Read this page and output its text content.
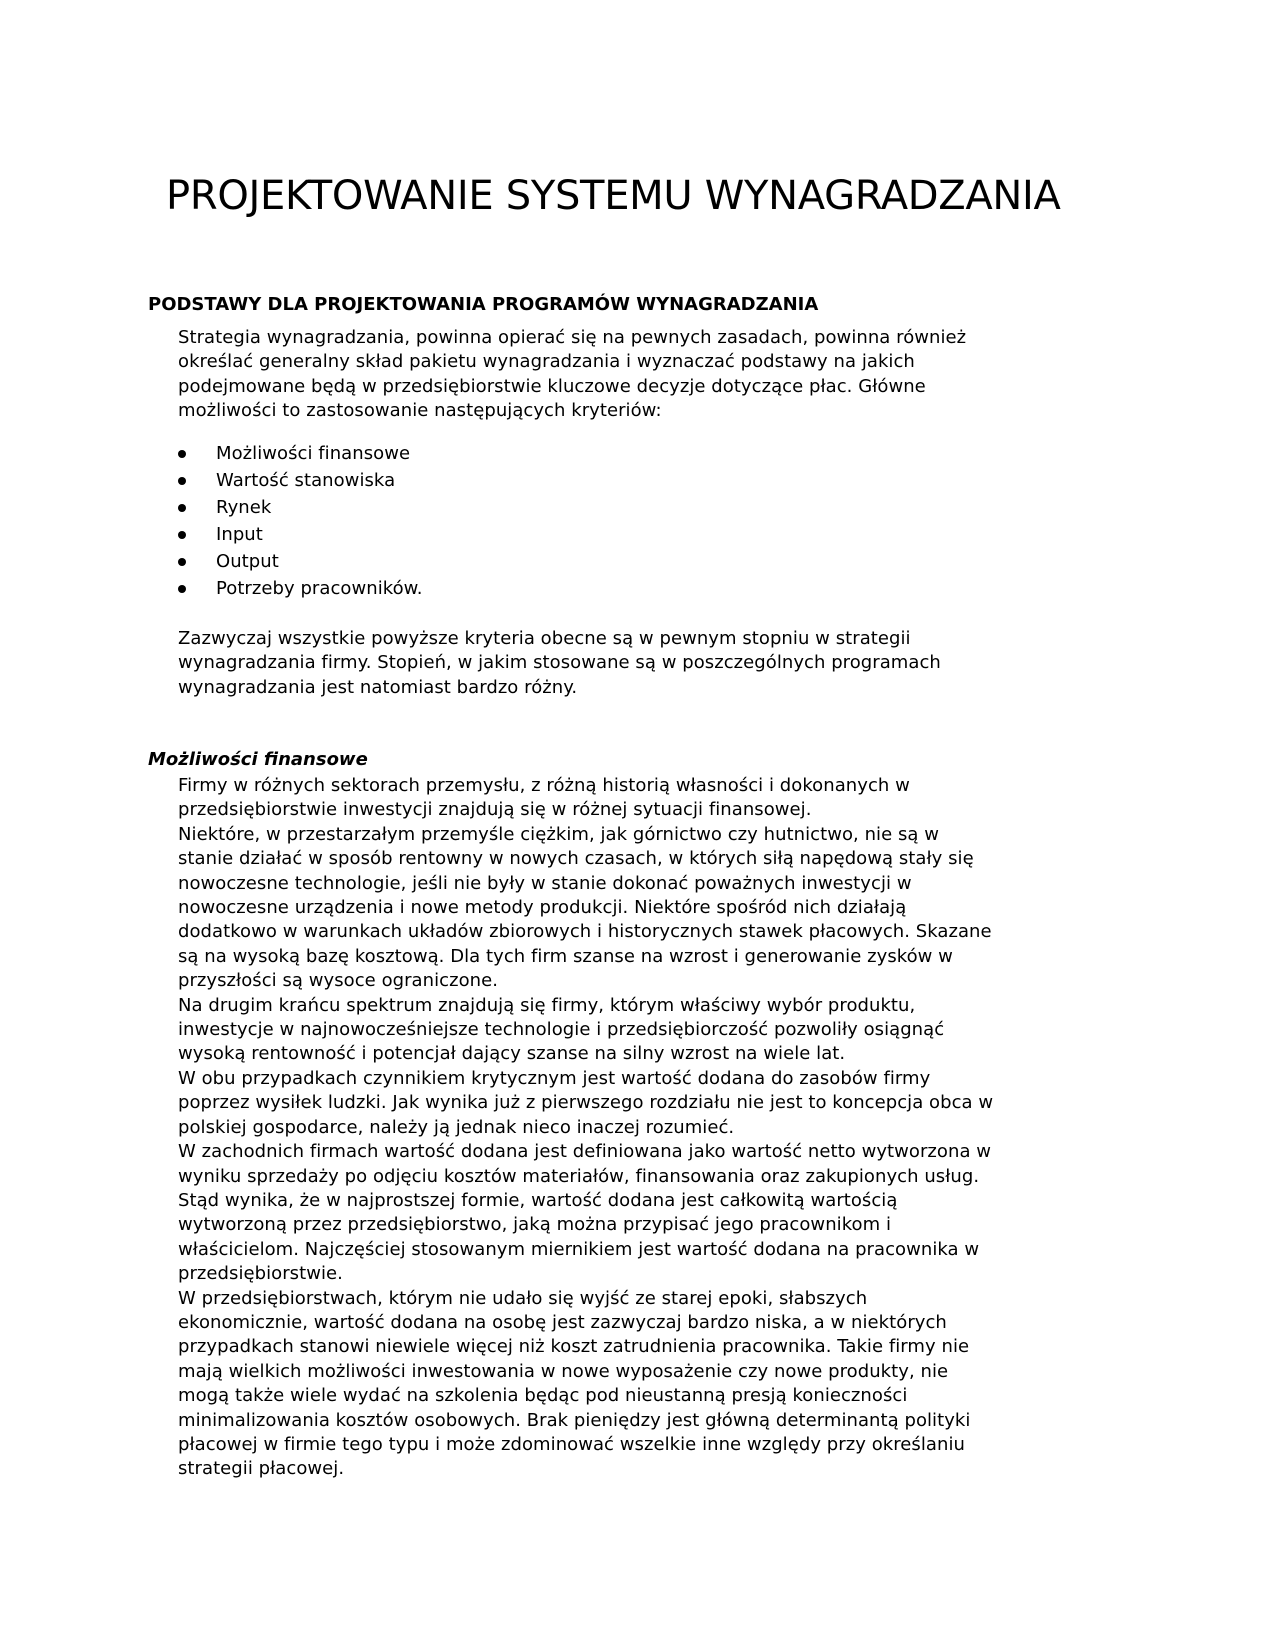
PROJEKTOWANIE SYSTEMU WYNAGRADZANIA
PODSTAWY DLA PROJEKTOWANIA PROGRAMÓW WYNAGRADZANIA
Strategia wynagradzania, powinna opierać się na pewnych zasadach, powinna również
określać generalny skład pakietu wynagradzania i wyznaczać podstawy na jakich
podejmowane będą w przedsiębiorstwie kluczowe decyzje dotyczące płac. Główne
możliwości to zastosowanie następujących kryteriów:
Możliwości finansowe
Wartość stanowiska
Rynek
Input
Output
Potrzeby pracowników.
Zazwyczaj wszystkie powyższe kryteria obecne są w pewnym stopniu w strategii
wynagradzania firmy. Stopień, w jakim stosowane są w poszczególnych programach
wynagradzania jest natomiast bardzo różny.
Możliwości finansowe
Firmy w różnych sektorach przemysłu, z różną historią własności i dokonanych w
przedsiębiorstwie inwestycji znajdują się w różnej sytuacji finansowej.
Niektóre, w przestarzałym przemyśle ciężkim, jak górnictwo czy hutnictwo, nie są w
stanie działać w sposób rentowny w nowych czasach, w których siłą napędową stały się
nowoczesne technologie, jeśli nie były w stanie dokonać poważnych inwestycji w
nowoczesne urządzenia i nowe metody produkcji. Niektóre spośród nich działają
dodatkowo w warunkach układów zbiorowych i historycznych stawek płacowych. Skazane
są na wysoką bazę kosztową. Dla tych firm szanse na wzrost i generowanie zysków w
przyszłości są wysoce ograniczone.
Na drugim krańcu spektrum znajdują się firmy, którym właściwy wybór produktu,
inwestycje w najnowocześniejsze technologie i przedsiębiorczość pozwoliły osiągnąć
wysoką rentowność i potencjał dający szanse na silny wzrost na wiele lat.
W obu przypadkach czynnikiem krytycznym jest wartość dodana do zasobów firmy
poprzez wysiłek ludzki. Jak wynika już z pierwszego rozdziału nie jest to koncepcja obca w
polskiej gospodarce, należy ją jednak nieco inaczej rozumieć.
W zachodnich firmach wartość dodana jest definiowana jako wartość netto wytworzona w
wyniku sprzedaży po odjęciu kosztów materiałów, finansowania oraz zakupionych usług.
Stąd wynika, że w najprostszej formie, wartość dodana jest całkowitą wartością
wytworzoną przez przedsiębiorstwo, jaką można przypisać jego pracownikom i
właścicielom. Najczęściej stosowanym miernikiem jest wartość dodana na pracownika w
przedsiębiorstwie.
W przedsiębiorstwach, którym nie udało się wyjść ze starej epoki, słabszych
ekonomicznie, wartość dodana na osobę jest zazwyczaj bardzo niska, a w niektórych
przypadkach stanowi niewiele więcej niż koszt zatrudnienia pracownika. Takie firmy nie
mają wielkich możliwości inwestowania w nowe wyposażenie czy nowe produkty, nie
mogą także wiele wydać na szkolenia będąc pod nieustanną presją konieczności
minimalizowania kosztów osobowych. Brak pieniędzy jest główną determinantą polityki
płacowej w firmie tego typu i może zdominować wszelkie inne względy przy określaniu
strategii płacowej.
